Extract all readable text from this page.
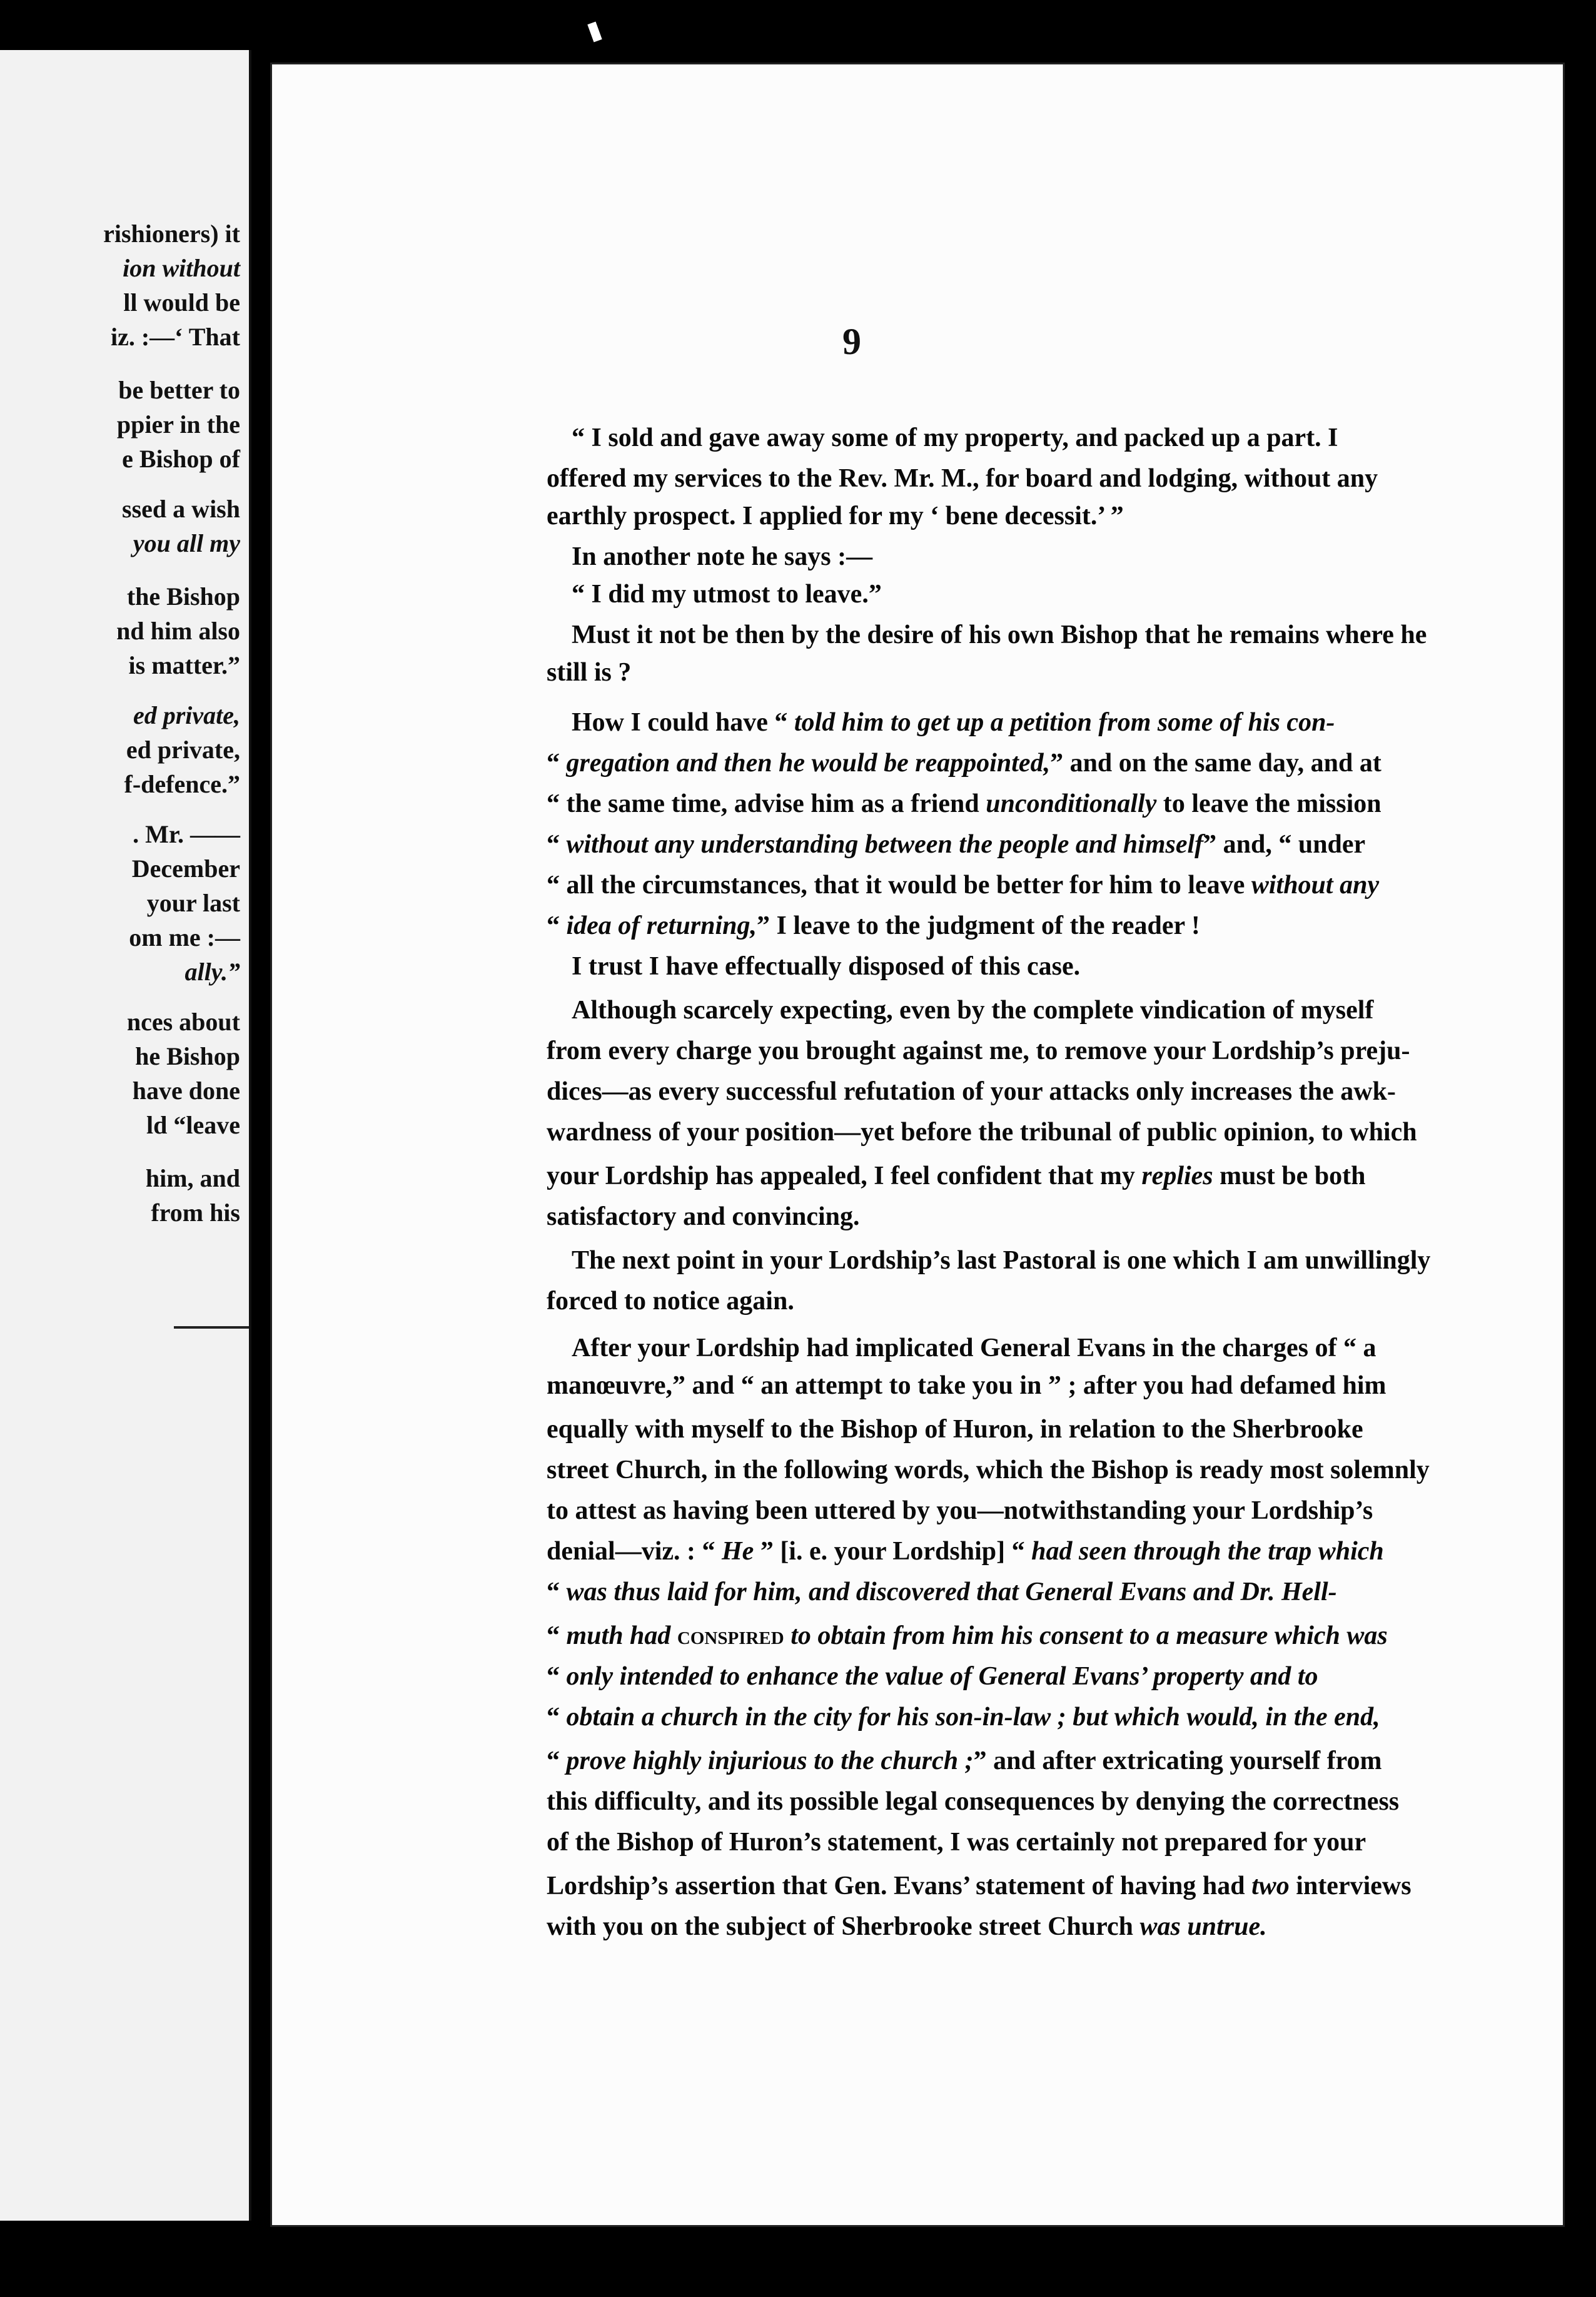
rishioners) it
ion without
ll would be
iz. :—‘ That
be better to
ppier in the
e Bishop of
ssed a wish
you all my
the Bishop
nd him also
is matter.”
ed private,
ed private,
f-defence.”
. Mr. ——
December
your last
om me :—
ally.”
nces about
he Bishop
have done
ld “leave
him, and
from his
9
“ I sold and gave away some of my property, and packed up a part. I
offered my services to the Rev. Mr. M., for board and lodging, without any
earthly prospect. I applied for my ‘ bene decessit.’ ”
In another note he says :—
“ I did my utmost to leave.”
Must it not be then by the desire of his own Bishop that he remains where he
still is ?
How I could have “ told him to get up a petition from some of his con-
“ gregation and then he would be reappointed,” and on the same day, and at
“ the same time, advise him as a friend unconditionally to leave the mission
“ without any understanding between the people and himself” and, “ under
“ all the circumstances, that it would be better for him to leave without any
“ idea of returning,” I leave to the judgment of the reader !
I trust I have effectually disposed of this case.
Although scarcely expecting, even by the complete vindication of myself
from every charge you brought against me, to remove your Lordship’s preju-
dices—as every successful refutation of your attacks only increases the awk-
wardness of your position—yet before the tribunal of public opinion, to which
your Lordship has appealed, I feel confident that my replies must be both
satisfactory and convincing.
The next point in your Lordship’s last Pastoral is one which I am unwillingly
forced to notice again.
After your Lordship had implicated General Evans in the charges of “ a
manœuvre,” and “ an attempt to take you in ” ; after you had defamed him
equally with myself to the Bishop of Huron, in relation to the Sherbrooke
street Church, in the following words, which the Bishop is ready most solemnly
to attest as having been uttered by you—notwithstanding your Lordship’s
denial—viz. : “ He ” [i. e. your Lordship] “ had seen through the trap which
“ was thus laid for him, and discovered that General Evans and Dr. Hell-
“ muth had conspired to obtain from him his consent to a measure which was
“ only intended to enhance the value of General Evans’ property and to
“ obtain a church in the city for his son-in-law ; but which would, in the end,
“ prove highly injurious to the church ;” and after extricating yourself from
this difficulty, and its possible legal consequences by denying the correctness
of the Bishop of Huron’s statement, I was certainly not prepared for your
Lordship’s assertion that Gen. Evans’ statement of having had two interviews
with you on the subject of Sherbrooke street Church was untrue.
